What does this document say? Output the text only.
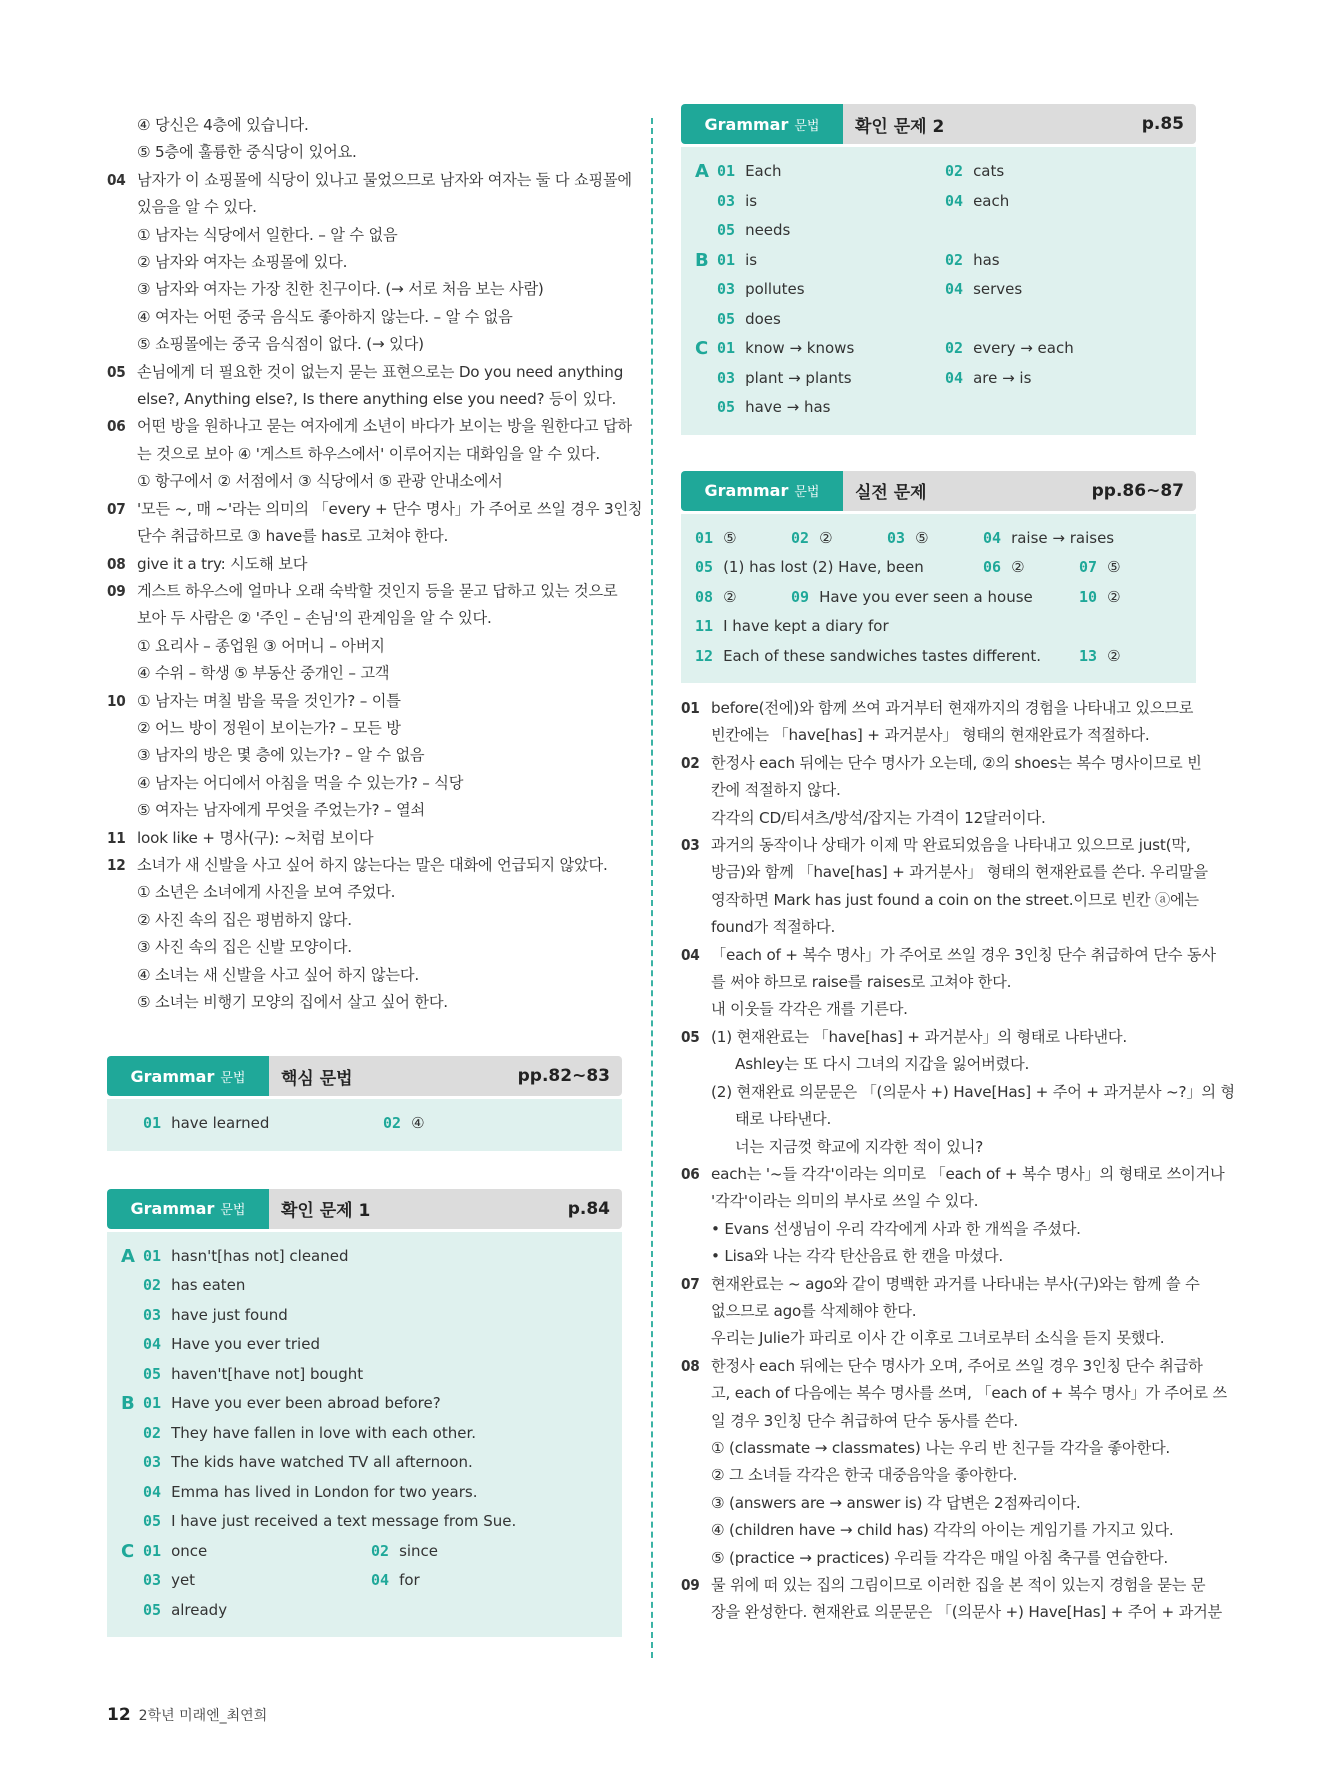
④ 당신은 4층에 있습니다.
⑤ 5층에 훌륭한 중식당이 있어요.
04 남자가 이 쇼핑몰에 식당이 있나고 물었으므로 남자와 여자는 둘 다 쇼핑몰에
있음을 알 수 있다.
① 남자는 식당에서 일한다. – 알 수 없음
② 남자와 여자는 쇼핑몰에 있다.
③ 남자와 여자는 가장 친한 친구이다. (→ 서로 처음 보는 사람)
④ 여자는 어떤 중국 음식도 좋아하지 않는다. – 알 수 없음
⑤ 쇼핑몰에는 중국 음식점이 없다. (→ 있다)
05 손님에게 더 필요한 것이 없는지 묻는 표현으로는 Do you need anything
else?, Anything else?, Is there anything else you need? 등이 있다.
06 어떤 방을 원하나고 묻는 여자에게 소년이 바다가 보이는 방을 원한다고 답하
는 것으로 보아 ④ '게스트 하우스에서' 이루어지는 대화임을 알 수 있다.
① 항구에서 ② 서점에서 ③ 식당에서 ⑤ 관광 안내소에서
07 '모든 ~, 매 ~'라는 의미의 「every + 단수 명사」가 주어로 쓰일 경우 3인칭
단수 취급하므로 ③ have를 has로 고쳐야 한다.
08 give it a try: 시도해 보다
09 게스트 하우스에 얼마나 오래 숙박할 것인지 등을 묻고 답하고 있는 것으로
보아 두 사람은 ② '주인 – 손님'의 관계임을 알 수 있다.
① 요리사 – 종업원 ③ 어머니 – 아버지
④ 수위 – 학생 ⑤ 부동산 중개인 – 고객
10 ① 남자는 며칠 밤을 묵을 것인가? – 이틀
② 어느 방이 정원이 보이는가? – 모든 방
③ 남자의 방은 몇 층에 있는가? – 알 수 없음
④ 남자는 어디에서 아침을 먹을 수 있는가? – 식당
⑤ 여자는 남자에게 무엇을 주었는가? – 열쇠
11 look like + 명사(구): ~처럼 보이다
12 소녀가 새 신발을 사고 싶어 하지 않는다는 말은 대화에 언급되지 않았다.
① 소년은 소녀에게 사진을 보여 주었다.
② 사진 속의 집은 평범하지 않다.
③ 사진 속의 집은 신발 모양이다.
④ 소녀는 새 신발을 사고 싶어 하지 않는다.
⑤ 소녀는 비행기 모양의 집에서 살고 싶어 한다.
Grammar 문법 핵심 문법	pp.82~83
01 have learned	02 ④
Grammar 문법 확인 문제 1	p.84
A 01 hasn't[has not] cleaned
02 has eaten
03 have just found
04 Have you ever tried
05 haven't[have not] bought
B 01 Have you ever been abroad before?
02 They have fallen in love with each other.
03 The kids have watched TV all afternoon.
04 Emma has lived in London for two years.
05 I have just received a text message from Sue.
C 01 once	02 since
03 yet	04 for
05 already
Grammar 문법 확인 문제 2	p.85
A 01 Each	02 cats
03 is	04 each
05 needs
B 01 is	02 has
03 pollutes	04 serves
05 does
C 01 know → knows	02 every → each
03 plant → plants	04 are → is
05 have → has
Grammar 문법 실전 문제	pp.86~87
01 ⑤	02 ②	03 ⑤	04 raise → raises
05 (1) has lost (2) Have, been	06 ②	07 ⑤
08 ②	09 Have you ever seen a house	10 ②
11 I have kept a diary for
12 Each of these sandwiches tastes different.	13 ②
01 before(전에)와 함께 쓰여 과거부터 현재까지의 경험을 나타내고 있으므로
빈칸에는 「have[has] + 과거분사」 형태의 현재완료가 적절하다.
02 한정사 each 뒤에는 단수 명사가 오는데, ②의 shoes는 복수 명사이므로 빈
칸에 적절하지 않다.
각각의 CD/티셔츠/방석/잡지는 가격이 12달러이다.
03 과거의 동작이나 상태가 이제 막 완료되었음을 나타내고 있으므로 just(막,
방금)와 함께 「have[has] + 과거분사」 형태의 현재완료를 쓴다. 우리말을
영작하면 Mark has just found a coin on the street.이므로 빈칸 ⓐ에는
found가 적절하다.
04 「each of + 복수 명사」가 주어로 쓰일 경우 3인칭 단수 취급하여 단수 동사
를 써야 하므로 raise를 raises로 고쳐야 한다.
내 이웃들 각각은 개를 기른다.
05 (1) 현재완료는 「have[has] + 과거분사」의 형태로 나타낸다.
Ashley는 또 다시 그녀의 지갑을 잃어버렸다.
(2) 현재완료 의문문은 「(의문사 +) Have[Has] + 주어 + 과거분사 ~?」의 형
태로 나타낸다.
너는 지금껏 학교에 지각한 적이 있니?
06 each는 '~들 각각'이라는 의미로 「each of + 복수 명사」의 형태로 쓰이거나
'각각'이라는 의미의 부사로 쓰일 수 있다.
• Evans 선생님이 우리 각각에게 사과 한 개씩을 주셨다.
• Lisa와 나는 각각 탄산음료 한 캔을 마셨다.
07 현재완료는 ~ ago와 같이 명백한 과거를 나타내는 부사(구)와는 함께 쓸 수
없으므로 ago를 삭제해야 한다.
우리는 Julie가 파리로 이사 간 이후로 그녀로부터 소식을 듣지 못했다.
08 한정사 each 뒤에는 단수 명사가 오며, 주어로 쓰일 경우 3인칭 단수 취급하
고, each of 다음에는 복수 명사를 쓰며, 「each of + 복수 명사」가 주어로 쓰
일 경우 3인칭 단수 취급하여 단수 동사를 쓴다.
① (classmate → classmates) 나는 우리 반 친구들 각각을 좋아한다.
② 그 소녀들 각각은 한국 대중음악을 좋아한다.
③ (answers are → answer is) 각 답변은 2점짜리이다.
④ (children have → child has) 각각의 아이는 게임기를 가지고 있다.
⑤ (practice → practices) 우리들 각각은 매일 아침 축구를 연습한다.
09 물 위에 떠 있는 집의 그림이므로 이러한 집을 본 적이 있는지 경험을 묻는 문
장을 완성한다. 현재완료 의문문은 「(의문사 +) Have[Has] + 주어 + 과거분
12 2학년 미래엔_최연희
